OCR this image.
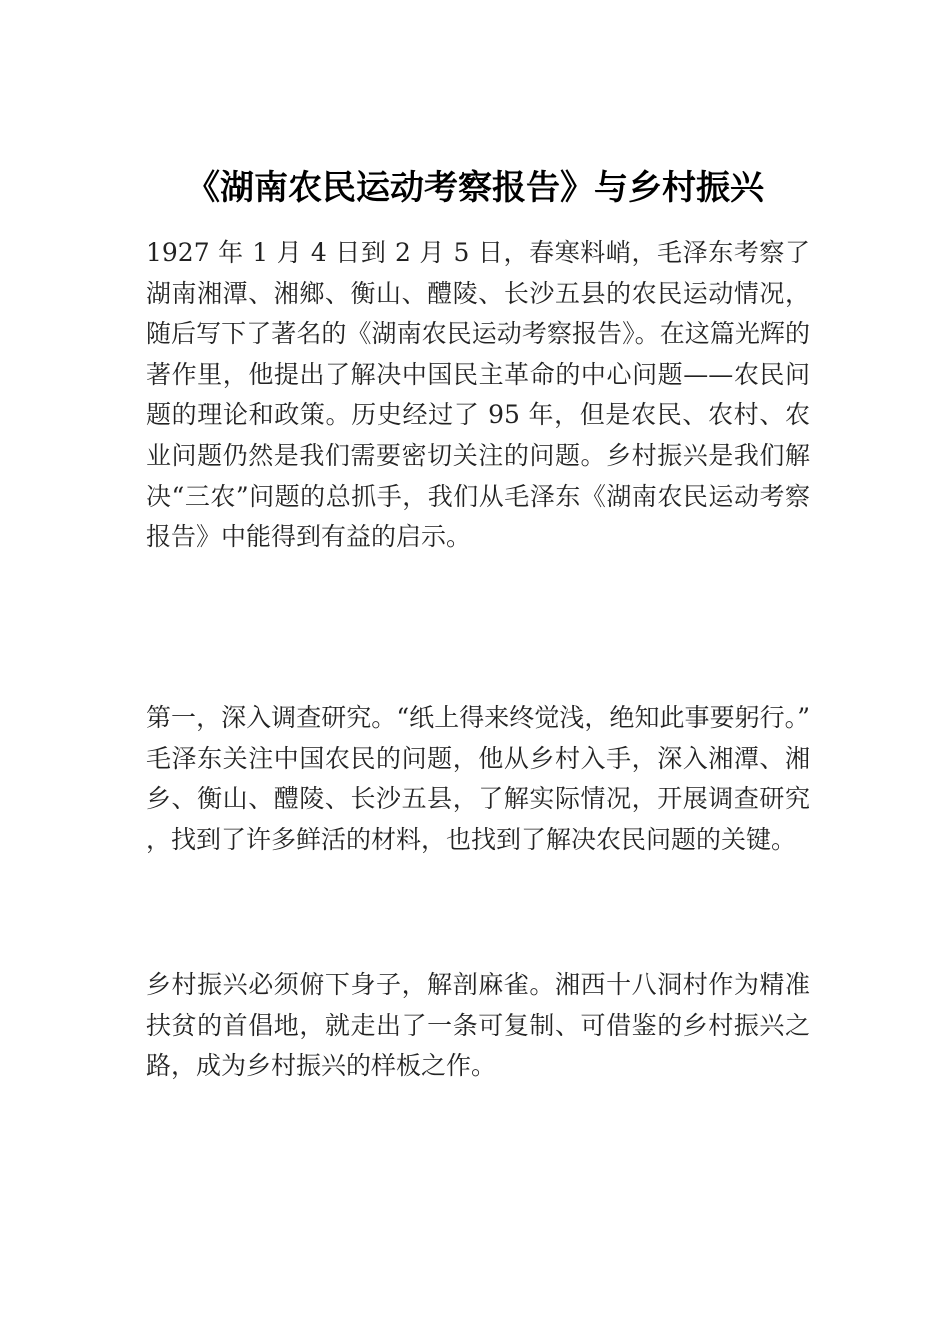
《湖南农民运动考察报告》与乡村振兴

1927 年 1 月 4 日到 2 月 5 日，春寒料峭，毛泽东考察了湖南湘潭、湘鄉、衡山、醴陵、长沙五县的农民运动情况，随后写下了著名的《湖南农民运动考察报告》。在这篇光辉的著作里，他提出了解决中国民主革命的中心问题——农民问题的理论和政策。历史经过了 95 年，但是农民、农村、农业问题仍然是我们需要密切关注的问题。乡村振兴是我们解决“三农”问题的总抓手，我们从毛泽东《湖南农民运动考察报告》中能得到有益的启示。

第一，深入调查研究。“纸上得来终觉浅，绝知此事要躬行。”毛泽东关注中国农民的问题，他从乡村入手，深入湘潭、湘乡、衡山、醴陵、长沙五县，了解实际情况，开展调查研究，找到了许多鲜活的材料，也找到了解决农民问题的关键。

乡村振兴必须俯下身子，解剖麻雀。湘西十八洞村作为精准扶贫的首倡地，就走出了一条可复制、可借鉴的乡村振兴之路，成为乡村振兴的样板之作。
